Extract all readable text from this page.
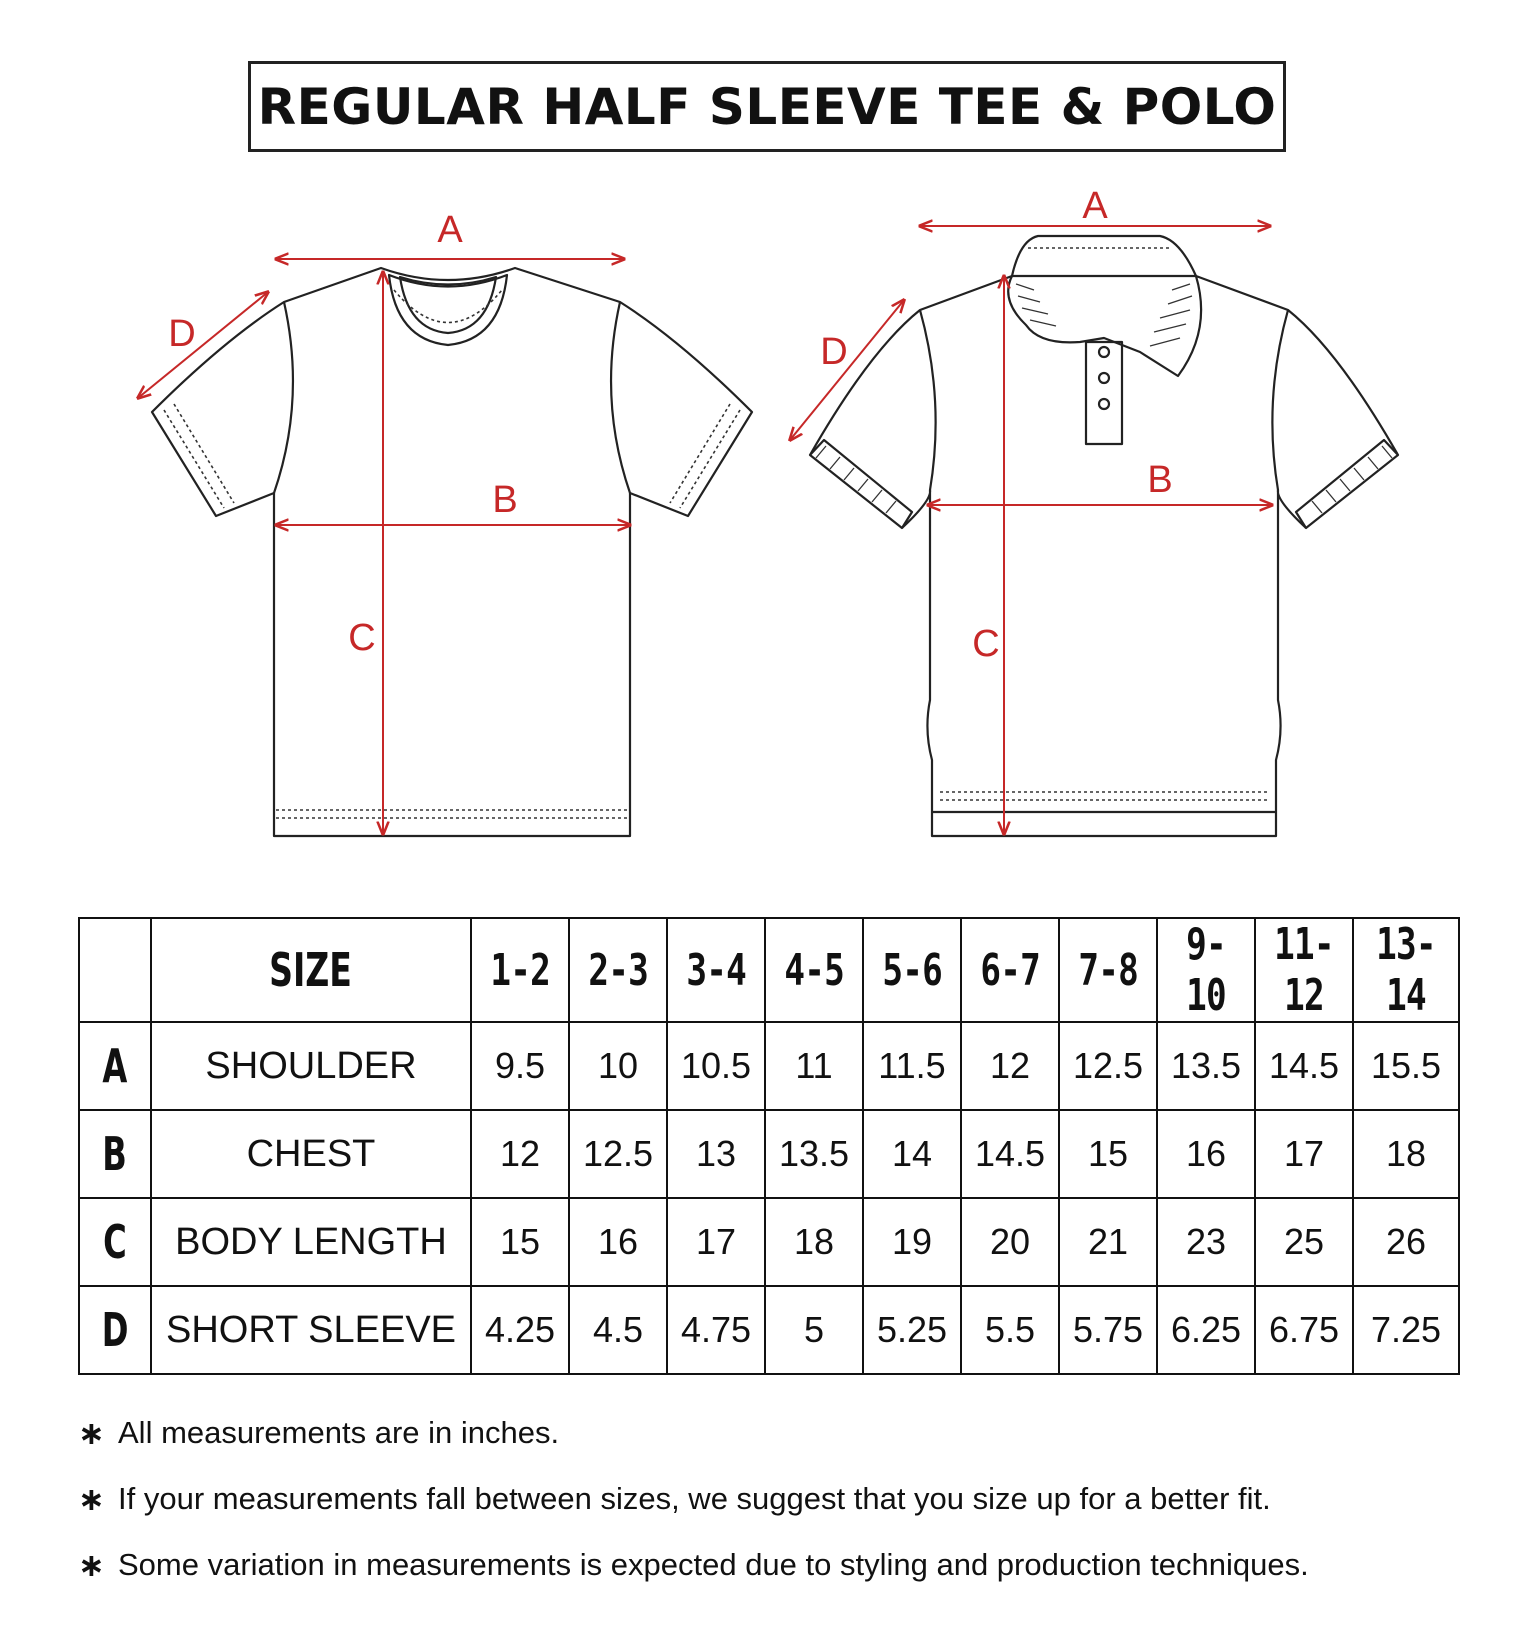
REGULAR HALF SLEEVE TEE & POLO
A
B
C
D
A
B
C
D
	SIZE	1-2	2-3	3-4	4-5	5-6	6-7	7-8	9-10	11-12	13-14
A	SHOULDER	9.5	10	10.5	11	11.5	12	12.5	13.5	14.5	15.5
B	CHEST	12	12.5	13	13.5	14	14.5	15	16	17	18
C	BODY LENGTH	15	16	17	18	19	20	21	23	25	26
D	SHORT SLEEVE	4.25	4.5	4.75	5	5.25	5.5	5.75	6.25	6.75	7.25
∗ All measurements are in inches.
∗ If your measurements fall between sizes, we suggest that you size up for a better fit.
∗ Some variation in measurements is expected due to styling and production techniques.
